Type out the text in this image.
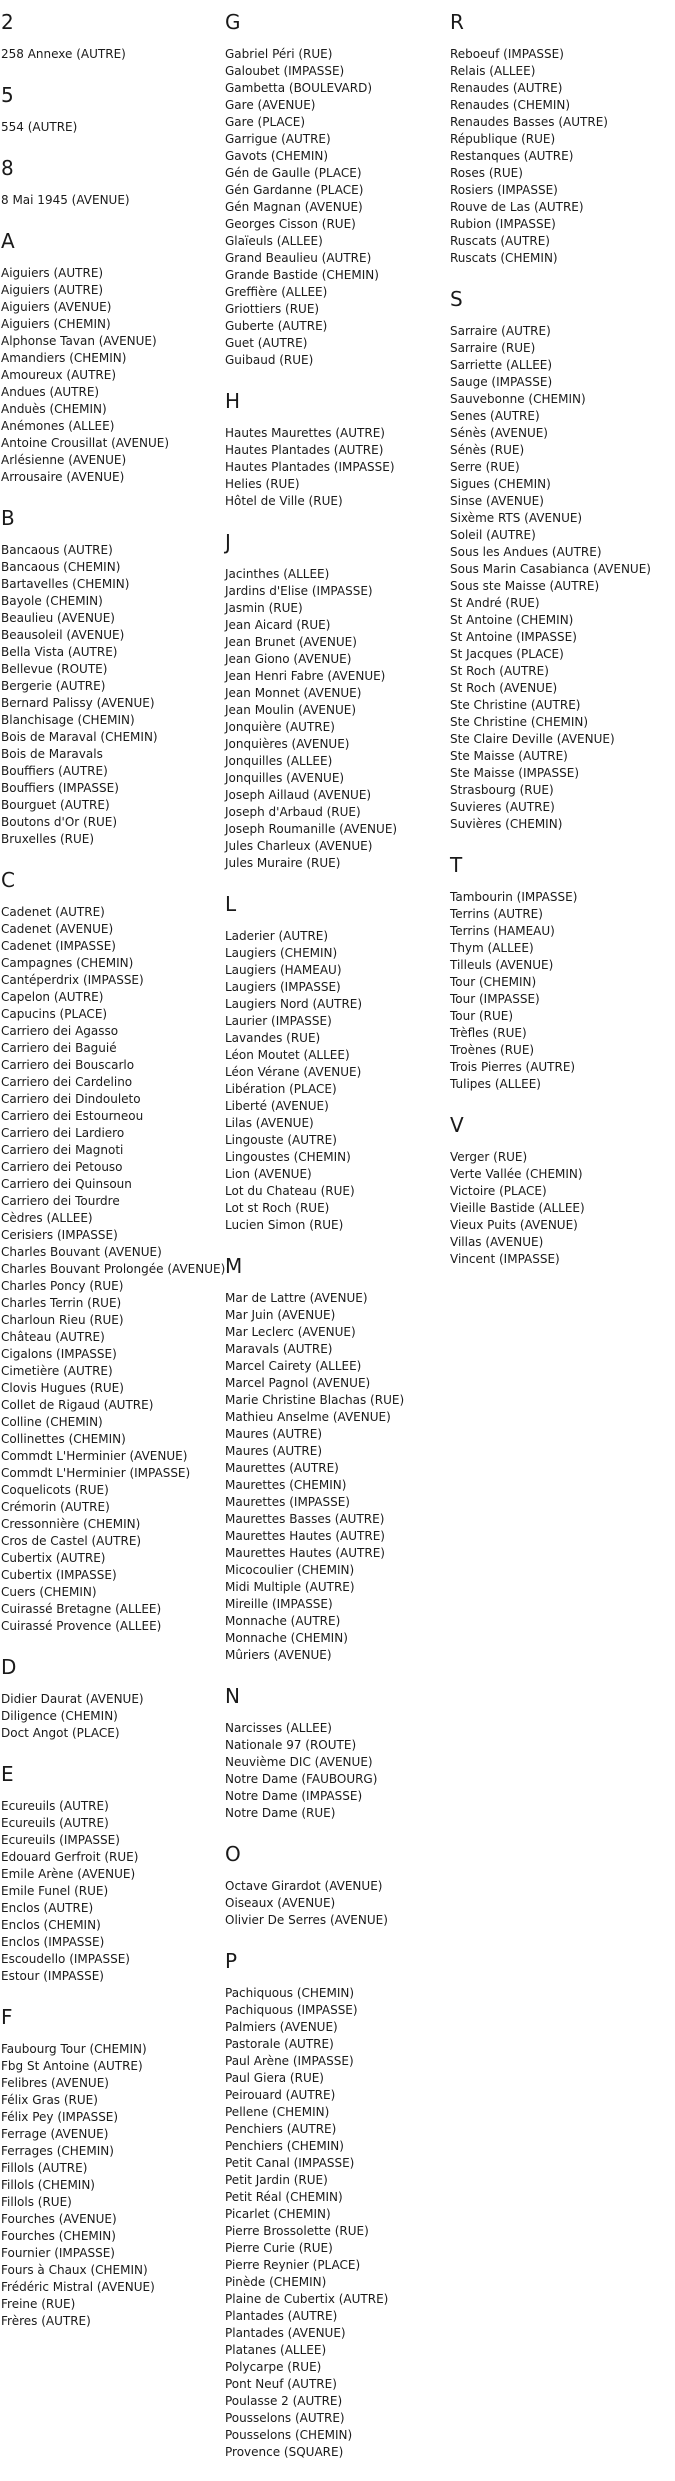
2
258 Annexe (AUTRE)
5
554 (AUTRE)
8
8 Mai 1945 (AVENUE)
A
Aiguiers (AUTRE)
Aiguiers (AUTRE)
Aiguiers (AVENUE)
Aiguiers (CHEMIN)
Alphonse Tavan (AVENUE)
Amandiers (CHEMIN)
Amoureux (AUTRE)
Andues (AUTRE)
Anduès (CHEMIN)
Anémones (ALLEE)
Antoine Crousillat (AVENUE)
Arlésienne (AVENUE)
Arrousaire (AVENUE)
B
Bancaous (AUTRE)
Bancaous (CHEMIN)
Bartavelles (CHEMIN)
Bayole (CHEMIN)
Beaulieu (AVENUE)
Beausoleil (AVENUE)
Bella Vista (AUTRE)
Bellevue (ROUTE)
Bergerie (AUTRE)
Bernard Palissy (AVENUE)
Blanchisage (CHEMIN)
Bois de Maraval (CHEMIN)
Bois de Maravals
Bouffiers (AUTRE)
Bouffiers (IMPASSE)
Bourguet (AUTRE)
Boutons d'Or (RUE)
Bruxelles (RUE)
C
Cadenet (AUTRE)
Cadenet (AVENUE)
Cadenet (IMPASSE)
Campagnes (CHEMIN)
Cantéperdrix (IMPASSE)
Capelon (AUTRE)
Capucins (PLACE)
Carriero dei Agasso
Carriero dei Baguié
Carriero dei Bouscarlo
Carriero dei Cardelino
Carriero dei Dindouleto
Carriero dei Estourneou
Carriero dei Lardiero
Carriero dei Magnoti
Carriero dei Petouso
Carriero dei Quinsoun
Carriero dei Tourdre
Cèdres (ALLEE)
Cerisiers (IMPASSE)
Charles Bouvant (AVENUE)
Charles Bouvant Prolongée (AVENUE)
Charles Poncy (RUE)
Charles Terrin (RUE)
Charloun Rieu (RUE)
Château (AUTRE)
Cigalons (IMPASSE)
Cimetière (AUTRE)
Clovis Hugues (RUE)
Collet de Rigaud (AUTRE)
Colline (CHEMIN)
Collinettes (CHEMIN)
Commdt L'Herminier (AVENUE)
Commdt L'Herminier (IMPASSE)
Coquelicots (RUE)
Crémorin (AUTRE)
Cressonnière (CHEMIN)
Cros de Castel (AUTRE)
Cubertix (AUTRE)
Cubertix (IMPASSE)
Cuers (CHEMIN)
Cuirassé Bretagne (ALLEE)
Cuirassé Provence (ALLEE)
D
Didier Daurat (AVENUE)
Diligence (CHEMIN)
Doct Angot (PLACE)
E
Ecureuils (AUTRE)
Ecureuils (AUTRE)
Ecureuils (IMPASSE)
Edouard Gerfroit (RUE)
Emile Arène (AVENUE)
Emile Funel (RUE)
Enclos (AUTRE)
Enclos (CHEMIN)
Enclos (IMPASSE)
Escoudello (IMPASSE)
Estour (IMPASSE)
F
Faubourg Tour (CHEMIN)
Fbg St Antoine (AUTRE)
Felibres (AVENUE)
Félix Gras (RUE)
Félix Pey (IMPASSE)
Ferrage (AVENUE)
Ferrages (CHEMIN)
Fillols (AUTRE)
Fillols (CHEMIN)
Fillols (RUE)
Fourches (AVENUE)
Fourches (CHEMIN)
Fournier (IMPASSE)
Fours à Chaux (CHEMIN)
Frédéric Mistral (AVENUE)
Freine (RUE)
Frères (AUTRE)
G
Gabriel Péri (RUE)
Galoubet (IMPASSE)
Gambetta (BOULEVARD)
Gare (AVENUE)
Gare (PLACE)
Garrigue (AUTRE)
Gavots (CHEMIN)
Gén de Gaulle (PLACE)
Gén Gardanne (PLACE)
Gén Magnan (AVENUE)
Georges Cisson (RUE)
Glaïeuls (ALLEE)
Grand Beaulieu (AUTRE)
Grande Bastide (CHEMIN)
Greffière (ALLEE)
Griottiers (RUE)
Guberte (AUTRE)
Guet (AUTRE)
Guibaud (RUE)
H
Hautes Maurettes (AUTRE)
Hautes Plantades (AUTRE)
Hautes Plantades (IMPASSE)
Helies (RUE)
Hôtel de Ville (RUE)
J
Jacinthes (ALLEE)
Jardins d'Elise (IMPASSE)
Jasmin (RUE)
Jean Aicard (RUE)
Jean Brunet (AVENUE)
Jean Giono (AVENUE)
Jean Henri Fabre (AVENUE)
Jean Monnet (AVENUE)
Jean Moulin (AVENUE)
Jonquière (AUTRE)
Jonquières (AVENUE)
Jonquilles (ALLEE)
Jonquilles (AVENUE)
Joseph Aillaud (AVENUE)
Joseph d'Arbaud (RUE)
Joseph Roumanille (AVENUE)
Jules Charleux (AVENUE)
Jules Muraire (RUE)
L
Laderier (AUTRE)
Laugiers (CHEMIN)
Laugiers (HAMEAU)
Laugiers (IMPASSE)
Laugiers Nord (AUTRE)
Laurier (IMPASSE)
Lavandes (RUE)
Léon Moutet (ALLEE)
Léon Vérane (AVENUE)
Libération (PLACE)
Liberté (AVENUE)
Lilas (AVENUE)
Lingouste (AUTRE)
Lingoustes (CHEMIN)
Lion (AVENUE)
Lot du Chateau (RUE)
Lot st Roch (RUE)
Lucien Simon (RUE)
M
Mar de Lattre (AVENUE)
Mar Juin (AVENUE)
Mar Leclerc (AVENUE)
Maravals (AUTRE)
Marcel Cairety (ALLEE)
Marcel Pagnol (AVENUE)
Marie Christine Blachas (RUE)
Mathieu Anselme (AVENUE)
Maures (AUTRE)
Maures (AUTRE)
Maurettes (AUTRE)
Maurettes (CHEMIN)
Maurettes (IMPASSE)
Maurettes Basses (AUTRE)
Maurettes Hautes (AUTRE)
Maurettes Hautes (AUTRE)
Micocoulier (CHEMIN)
Midi Multiple (AUTRE)
Mireille (IMPASSE)
Monnache (AUTRE)
Monnache (CHEMIN)
Mûriers (AVENUE)
N
Narcisses (ALLEE)
Nationale 97 (ROUTE)
Neuvième DIC (AVENUE)
Notre Dame (FAUBOURG)
Notre Dame (IMPASSE)
Notre Dame (RUE)
O
Octave Girardot (AVENUE)
Oiseaux (AVENUE)
Olivier De Serres (AVENUE)
P
Pachiquous (CHEMIN)
Pachiquous (IMPASSE)
Palmiers (AVENUE)
Pastorale (AUTRE)
Paul Arène (IMPASSE)
Paul Giera (RUE)
Peirouard (AUTRE)
Pellene (CHEMIN)
Penchiers (AUTRE)
Penchiers (CHEMIN)
Petit Canal (IMPASSE)
Petit Jardin (RUE)
Petit Réal (CHEMIN)
Picarlet (CHEMIN)
Pierre Brossolette (RUE)
Pierre Curie (RUE)
Pierre Reynier (PLACE)
Pinède (CHEMIN)
Plaine de Cubertix (AUTRE)
Plantades (AUTRE)
Plantades (AVENUE)
Platanes (ALLEE)
Polycarpe (RUE)
Pont Neuf (AUTRE)
Poulasse 2 (AUTRE)
Pousselons (AUTRE)
Pousselons (CHEMIN)
Provence (SQUARE)
R
Reboeuf (IMPASSE)
Relais (ALLEE)
Renaudes (AUTRE)
Renaudes (CHEMIN)
Renaudes Basses (AUTRE)
République (RUE)
Restanques (AUTRE)
Roses (RUE)
Rosiers (IMPASSE)
Rouve de Las (AUTRE)
Rubion (IMPASSE)
Ruscats (AUTRE)
Ruscats (CHEMIN)
S
Sarraire (AUTRE)
Sarraire (RUE)
Sarriette (ALLEE)
Sauge (IMPASSE)
Sauvebonne (CHEMIN)
Senes (AUTRE)
Sénès (AVENUE)
Sénès (RUE)
Serre (RUE)
Sigues (CHEMIN)
Sinse (AVENUE)
Sixème RTS (AVENUE)
Soleil (AUTRE)
Sous les Andues (AUTRE)
Sous Marin Casabianca (AVENUE)
Sous ste Maisse (AUTRE)
St André (RUE)
St Antoine (CHEMIN)
St Antoine (IMPASSE)
St Jacques (PLACE)
St Roch (AUTRE)
St Roch (AVENUE)
Ste Christine (AUTRE)
Ste Christine (CHEMIN)
Ste Claire Deville (AVENUE)
Ste Maisse (AUTRE)
Ste Maisse (IMPASSE)
Strasbourg (RUE)
Suvieres (AUTRE)
Suvières (CHEMIN)
T
Tambourin (IMPASSE)
Terrins (AUTRE)
Terrins (HAMEAU)
Thym (ALLEE)
Tilleuls (AVENUE)
Tour (CHEMIN)
Tour (IMPASSE)
Tour (RUE)
Trèfles (RUE)
Troènes (RUE)
Trois Pierres (AUTRE)
Tulipes (ALLEE)
V
Verger (RUE)
Verte Vallée (CHEMIN)
Victoire (PLACE)
Vieille Bastide (ALLEE)
Vieux Puits (AVENUE)
Villas (AVENUE)
Vincent (IMPASSE)
